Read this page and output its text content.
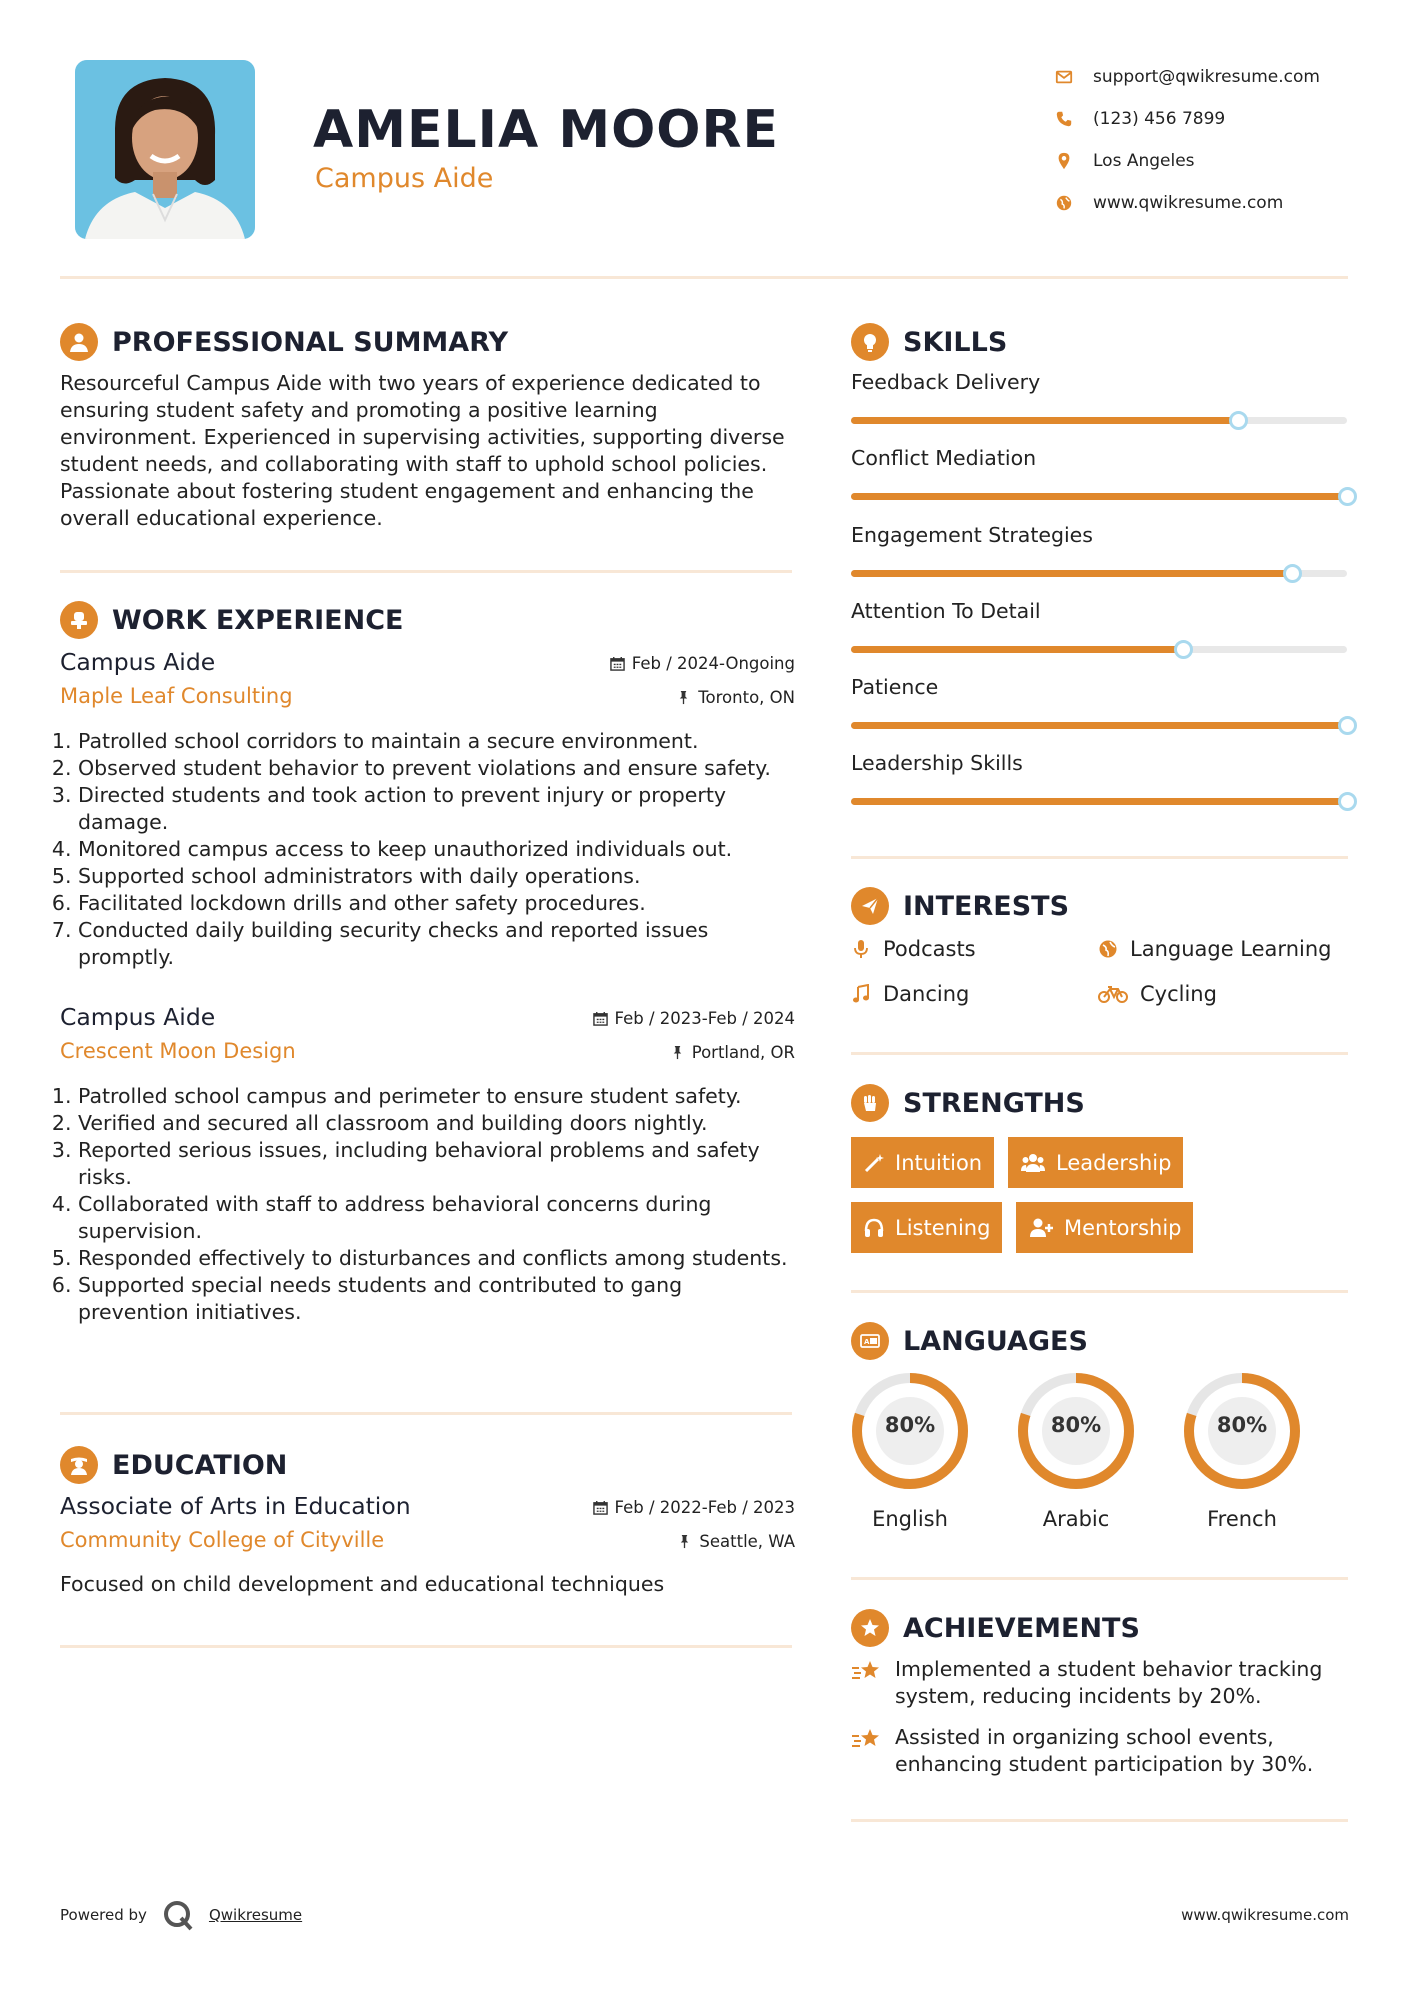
AMELIA MOORE
Campus Aide
support@qwikresume.com
(123) 456 7899
Los Angeles
www.qwikresume.com
PROFESSIONAL SUMMARY
Resourceful Campus Aide with two years of experience dedicated to ensuring student safety and promoting a positive learning environment. Experienced in supervising activities, supporting diverse student needs, and collaborating with staff to uphold school policies. Passionate about fostering student engagement and enhancing the overall educational experience.
WORK EXPERIENCE
Campus Aide	Feb / 2024-Ongoing
Maple Leaf Consulting	Toronto, ON
1. Patrolled school corridors to maintain a secure environment.
2. Observed student behavior to prevent violations and ensure safety.
3. Directed students and took action to prevent injury or property damage.
4. Monitored campus access to keep unauthorized individuals out.
5. Supported school administrators with daily operations.
6. Facilitated lockdown drills and other safety procedures.
7. Conducted daily building security checks and reported issues promptly.
Campus Aide	Feb / 2023-Feb / 2024
Crescent Moon Design	Portland, OR
1. Patrolled school campus and perimeter to ensure student safety.
2. Verified and secured all classroom and building doors nightly.
3. Reported serious issues, including behavioral problems and safety risks.
4. Collaborated with staff to address behavioral concerns during supervision.
5. Responded effectively to disturbances and conflicts among students.
6. Supported special needs students and contributed to gang prevention initiatives.
EDUCATION
Associate of Arts in Education	Feb / 2022-Feb / 2023
Community College of Cityville	Seattle, WA
Focused on child development and educational techniques
SKILLS
Feedback Delivery
Conflict Mediation
Engagement Strategies
Attention To Detail
Patience
Leadership Skills
INTERESTS
Podcasts	Language Learning
Dancing	Cycling
STRENGTHS
Intuition	Leadership
Listening	Mentorship
A LANGUAGES
80%
English
80%
Arabic
80%
French
ACHIEVEMENTS
Implemented a student behavior tracking system, reducing incidents by 20%.
Assisted in organizing school events, enhancing student participation by 30%.
Powered by	Qwikresume	www.qwikresume.com
